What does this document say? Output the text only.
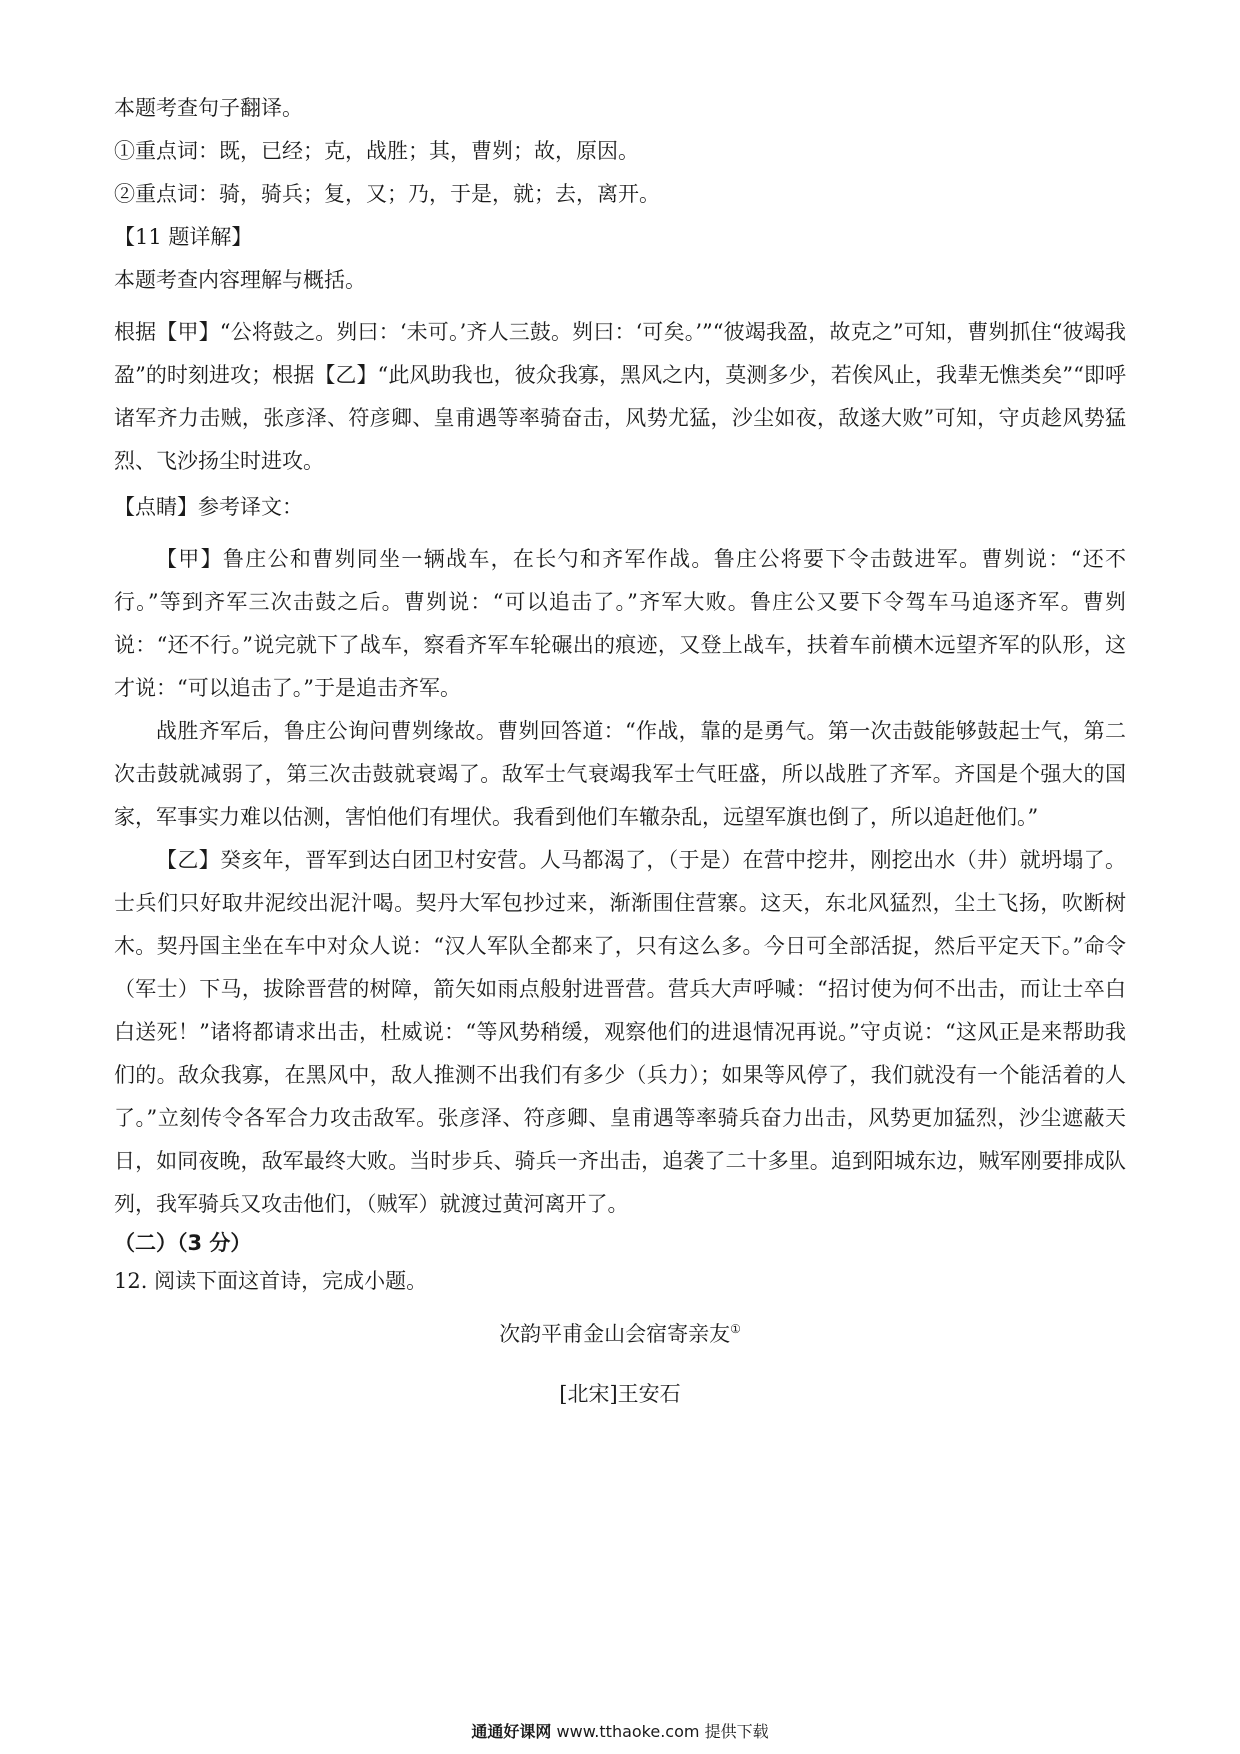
本题考查句子翻译。

①重点词：既，已经；克，战胜；其，曹刿；故，原因。

②重点词：骑，骑兵；复，又；乃，于是，就；去，离开。

【11 题详解】

本题考查内容理解与概括。

根据【甲】“公将鼓之。刿曰：‘未可。’齐人三鼓。刿曰：‘可矣。’”“彼竭我盈，故克之”可知，曹刿抓住“彼竭我盈”的时刻进攻；根据【乙】“此风助我也，彼众我寡，黑风之内，莫测多少，若俟风止，我辈无憔类矣”“即呼诸军齐力击贼，张彦泽、符彦卿、皇甫遇等率骑奋击，风势尤猛，沙尘如夜，敌遂大败”可知，守贞趁风势猛烈、飞沙扬尘时进攻。

【点睛】参考译文：

【甲】鲁庄公和曹刿同坐一辆战车，在长勺和齐军作战。鲁庄公将要下令击鼓进军。曹刿说：“还不行。”等到齐军三次击鼓之后。曹刿说：“可以追击了。”齐军大败。鲁庄公又要下令驾车马追逐齐军。曹刿说：“还不行。”说完就下了战车，察看齐军车轮碾出的痕迹，又登上战车，扶着车前横木远望齐军的队形，这才说：“可以追击了。”于是追击齐军。

战胜齐军后，鲁庄公询问曹刿缘故。曹刿回答道：“作战，靠的是勇气。第一次击鼓能够鼓起士气，第二次击鼓就减弱了，第三次击鼓就衰竭了。敌军士气衰竭我军士气旺盛，所以战胜了齐军。齐国是个强大的国家，军事实力难以估测，害怕他们有埋伏。我看到他们车辙杂乱，远望军旗也倒了，所以追赶他们。”

【乙】癸亥年，晋军到达白团卫村安营。人马都渴了，（于是）在营中挖井，刚挖出水（井）就坍塌了。士兵们只好取井泥绞出泥汁喝。契丹大军包抄过来，渐渐围住营寨。这天，东北风猛烈，尘土飞扬，吹断树木。契丹国主坐在车中对众人说：“汉人军队全都来了，只有这么多。今日可全部活捉，然后平定天下。”命令（军士）下马，拔除晋营的树障，箭矢如雨点般射进晋营。营兵大声呼喊：“招讨使为何不出击，而让士卒白白送死！”诸将都请求出击，杜威说：“等风势稍缓，观察他们的进退情况再说。”守贞说：“这风正是来帮助我们的。敌众我寡，在黑风中，敌人推测不出我们有多少（兵力）；如果等风停了，我们就没有一个能活着的人了。”立刻传令各军合力攻击敌军。张彦泽、符彦卿、皇甫遇等率骑兵奋力出击，风势更加猛烈，沙尘遮蔽天日，如同夜晚，敌军最终大败。当时步兵、骑兵一齐出击，追袭了二十多里。追到阳城东边，贼军刚要排成队列，我军骑兵又攻击他们，（贼军）就渡过黄河离开了。

（二）（3 分）

12. 阅读下面这首诗，完成小题。

次韵平甫金山会宿寄亲友①

[北宋]王安石

通通好课网 www.tthaoke.com 提供下载
